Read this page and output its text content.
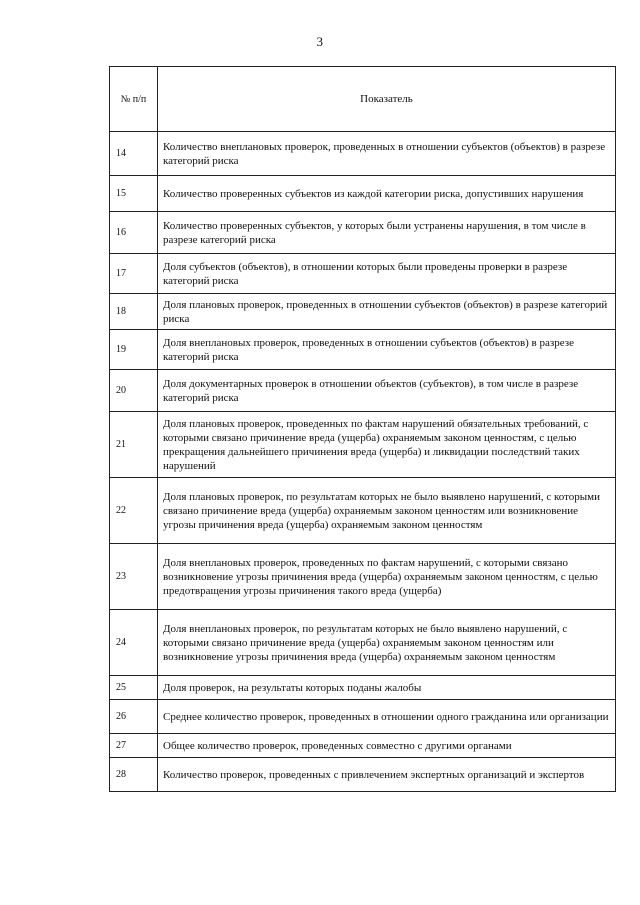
3
№ п/п	Показатель
14	Количество внеплановых проверок, проведенных в отношении субъектов (объектов) в разрезе категорий риска
15	Количество проверенных субъектов из каждой категории риска, допустивших нарушения
16	Количество проверенных субъектов, у которых были устранены нарушения, в том числе в разрезе категорий риска
17	Доля субъектов (объектов), в отношении которых были проведены проверки в разрезе категорий риска
18	Доля плановых проверок, проведенных в отношении субъектов (объектов) в разрезе категорий риска
19	Доля внеплановых проверок, проведенных в отношении субъектов (объектов) в разрезе категорий риска
20	Доля документарных проверок в отношении объектов (субъектов), в том числе в разрезе категорий риска
21	Доля плановых проверок, проведенных по фактам нарушений обязательных требований, с которыми связано причинение вреда (ущерба) охраняемым законом ценностям, с целью прекращения дальнейшего причинения вреда (ущерба) и ликвидации последствий таких нарушений
22	Доля плановых проверок, по результатам которых не было выявлено нарушений, с которыми связано причинение вреда (ущерба) охраняемым законом ценностям или возникновение угрозы причинения вреда (ущерба) охраняемым законом ценностям
23	Доля внеплановых проверок, проведенных по фактам нарушений, с которыми связано возникновение угрозы причинения вреда (ущерба) охраняемым законом ценностям, с целью предотвращения угрозы причинения такого вреда (ущерба)
24	Доля внеплановых проверок, по результатам которых не было выявлено нарушений, с которыми связано причинение вреда (ущерба) охраняемым законом ценностям или возникновение угрозы причинения вреда (ущерба) охраняемым законом ценностям
25	Доля проверок, на результаты которых поданы жалобы
26	Среднее количество проверок, проведенных в отношении одного гражданина или организации
27	Общее количество проверок, проведенных совместно с другими органами
28	Количество проверок, проведенных с привлечением экспертных организаций и экспертов
